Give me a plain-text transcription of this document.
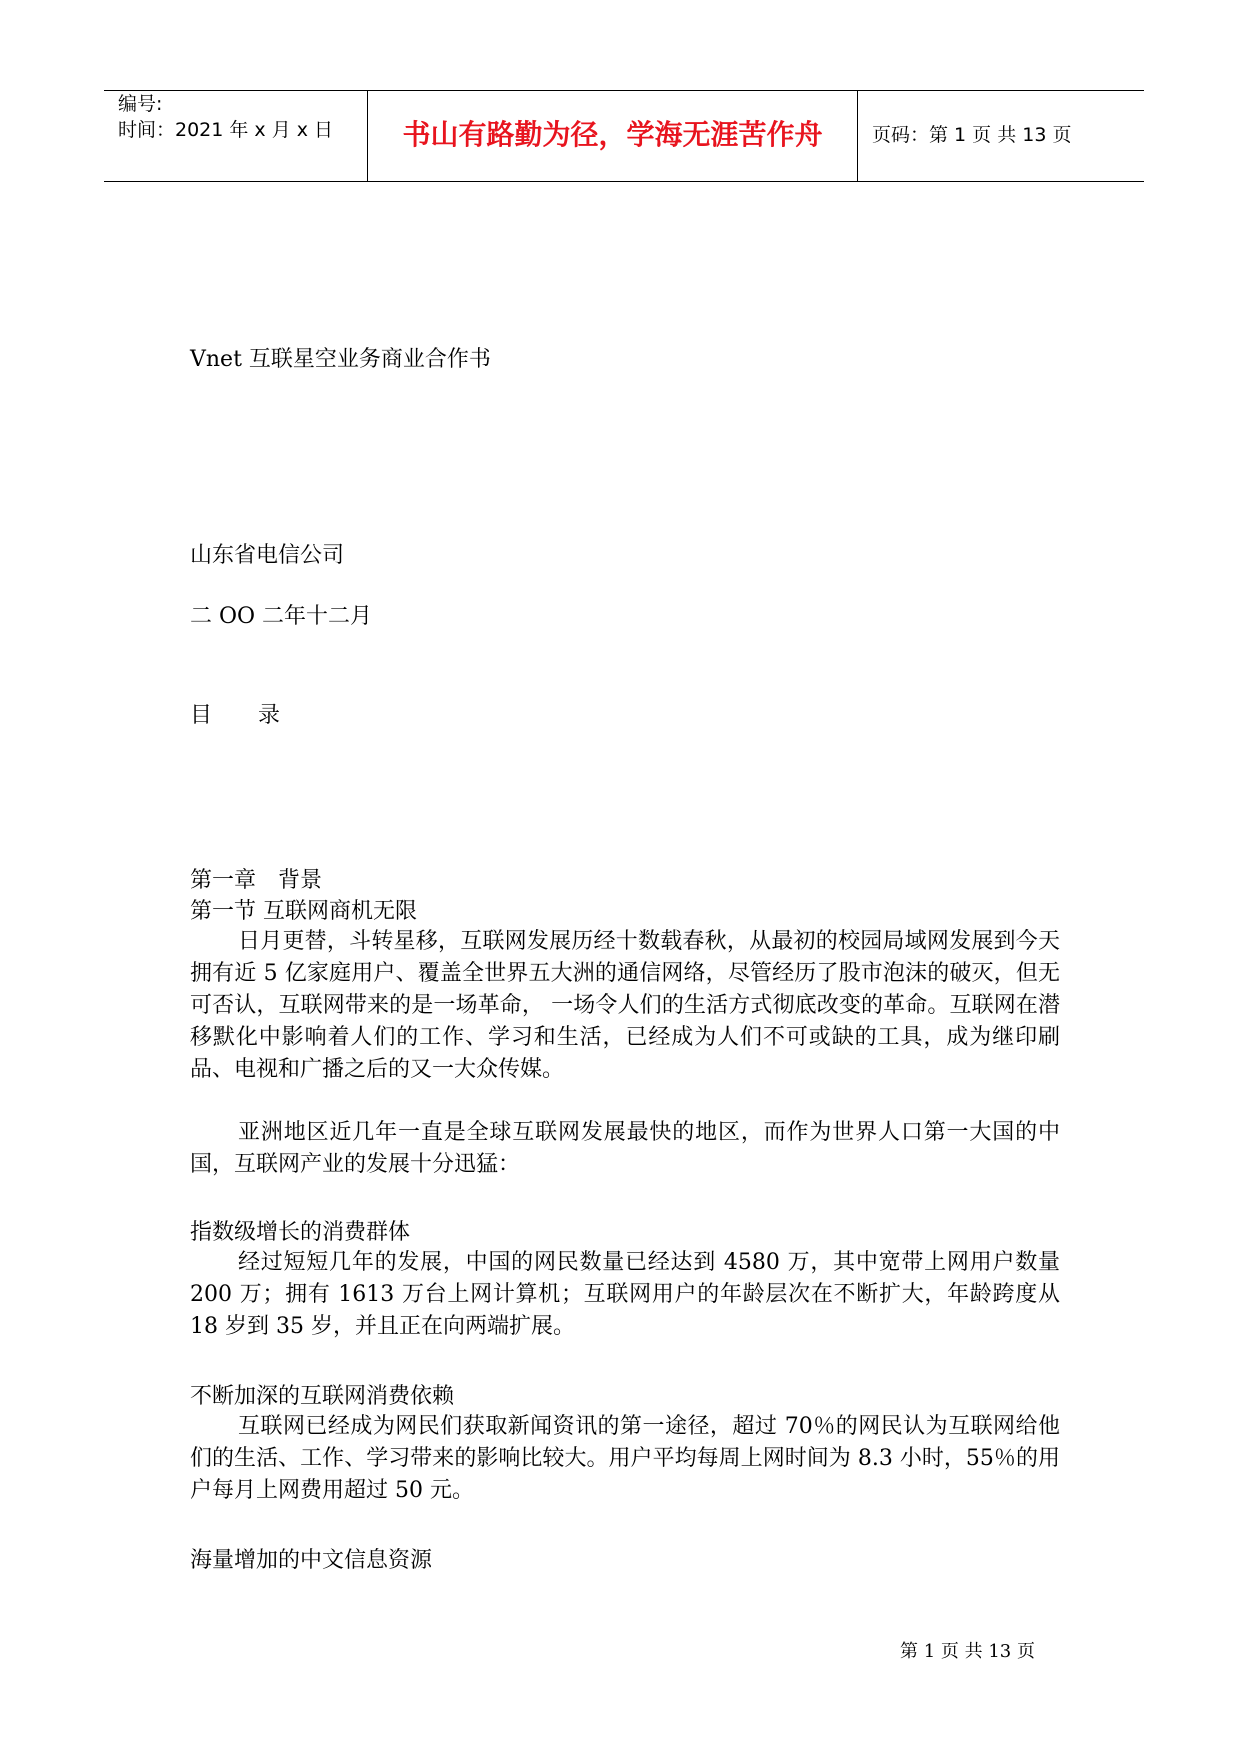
编号:
时间：2021 年 x 月 x 日	书山有路勤为径，学海无涯苦作舟	页码：第 1 页 共 13 页
Vnet 互联星空业务商业合作书
山东省电信公司
二 OO 二年十二月
目 录
第一章　背景
第一节 互联网商机无限
日月更替，斗转星移，互联网发展历经十数载春秋，从最初的校园局域网发展到今天拥有近 5 亿家庭用户、覆盖全世界五大洲的通信网络，尽管经历了股市泡沫的破灭，但无可否认，互联网带来的是一场革命， 一场令人们的生活方式彻底改变的革命。互联网在潜移默化中影响着人们的工作、学习和生活，已经成为人们不可或缺的工具，成为继印刷品、电视和广播之后的又一大众传媒。
亚洲地区近几年一直是全球互联网发展最快的地区，而作为世界人口第一大国的中国，互联网产业的发展十分迅猛：
指数级增长的消费群体
经过短短几年的发展，中国的网民数量已经达到 4580 万，其中宽带上网用户数量 200 万；拥有 1613 万台上网计算机；互联网用户的年龄层次在不断扩大，年龄跨度从 18 岁到 35 岁，并且正在向两端扩展。
不断加深的互联网消费依赖
互联网已经成为网民们获取新闻资讯的第一途径，超过 70％的网民认为互联网给他们的生活、工作、学习带来的影响比较大。用户平均每周上网时间为 8.3 小时，55％的用户每月上网费用超过 50 元。
海量增加的中文信息资源
第 1 页 共 13 页
